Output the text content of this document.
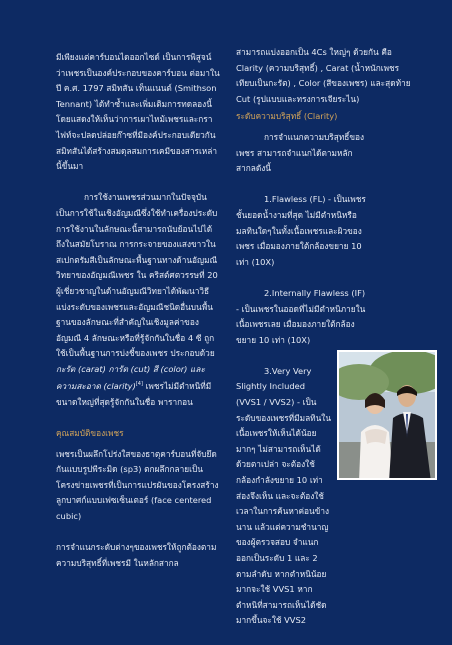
มีเพียงแต่คาร์บอนไดออกไซด์ เป็นการพิสูจน์ว่าเพชรเป็นองค์ประกอบของคาร์บอน ต่อมาในปี ค.ศ. 1797 สมิทสัน เท็นแนนต์ (Smithson Tennant) ได้ทำซ้ำและเพิ่มเติมการทดลองนี้ โดยแสดงให้เห็นว่าการเผาไหม้เพชรและกราไฟท์จะปลดปล่อยก๊าซที่มีองค์ประกอบเดียวกัน สมิทสันได้สร้างสมดุลสมการเคมีของสารเหล่านี้ขึ้นมา

การใช้งานเพชรส่วนมากในปัจจุบันเป็นการใช้ในเชิงอัญมณีซึ่งใช้ทำเครื่องประดับ การใช้งานในลักษณะนี้สามารถนับย้อนไปได้ถึงในสมัยโบราณ การกระจายของแสงขาวในสเปกตรัมสีเป็นลักษณะพื้นฐานทางด้านอัญมณีวิทยาของอัญมณีเพชร ใน คริสต์ศตวรรษที่ 20 ผู้เชี่ยวชาญในด้านอัญมณีวิทยาได้พัฒนาวิธีแบ่งระดับของเพชรและอัญมณีชนิดอื่นบนพื้นฐานของลักษณะที่สำคัญในเชิงมูลค่าของอัญมณี 4 ลักษณะหรือที่รู้จักกันในชื่อ 4 ซี ถูกใช้เป็นพื้นฐานการบ่งชี้ของเพชร ประกอบด้วย กะรัต (carat) การัต (cut) สี (color) และ ความสะอาด (clarity)[4] เพชรไม่มีตำหนิที่มีขนาดใหญ่ที่สุดรู้จักกันในชื่อ พารากอน

คุณสมบัติของเพชร

เพชรเป็นผลึกโปร่งใสของธาตุคาร์บอนที่จับยึดกันแบบรูปพีระมิด (sp3) ตกผลึกกลายเป็นโครงข่ายเพชรที่เป็นการแปรผันของโครงสร้างลูกบาศก์แบบเฟซเซ็นเตอร์ (face centered cubic)

การจำแนกระดับต่างๆของเพชรให้ถูกต้องตามความบริสุทธิ์ที่เพชรมี ในหลักสากล

สามารถแบ่งออกเป็น 4Cs ใหญ่ๆ ด้วยกัน คือ Clarity (ความบริสุทธิ์) , Carat (น้ำหนักเพชรเทียบเป็นกะรัต) , Color (สีของเพชร) และสุดท้าย Cut (รูปแบบและทรงการเจียระไน)

ระดับความบริสุทธิ์ (Clarity)

การจำแนกความบริสุทธิ์ของเพชร สามารถจำแนกได้ตามหลักสากลดังนี้

1.Flawless (FL) - เป็นเพชรชั้นยอดน้ำงามที่สุด ไม่มีตำหนิหรือมลทินใดๆในทั้งเนื้อเพชรและผิวของเพชร เมื่อมองภายใต้กล้องขยาย 10 เท่า (10X)

2.Internally Flawless (IF) - เป็นเพชรในออดที่ไม่มีตำหนิภายในเนื้อเพชรเลย เมื่อมองภายใต้กล้องขยาย 10 เท่า (10X)

3.Very Very Slightly Included (VVS1 / VVS2) - เป็นระดับของเพชรที่มีมลทินในเนื้อเพชรให้เห็นได้น้อยมากๆ ไม่สามารถเห็นได้ด้วยตาเปล่า จะต้องใช้กล้องกำลังขยาย 10 เท่า ส่องจึงเห็น และจะต้องใช้เวลาในการค้นหาค่อนข้างนาน แล้วแต่ความชำนาญของผู้ตรวจสอบ จำแนกออกเป็นระดับ 1 และ 2 ตามลำดับ หากตำหนิน้อยมากจะใช้ VVS1 หากตำหนิที่สามารถเห็นได้ชัดมากขึ้นจะใช้ VVS2
